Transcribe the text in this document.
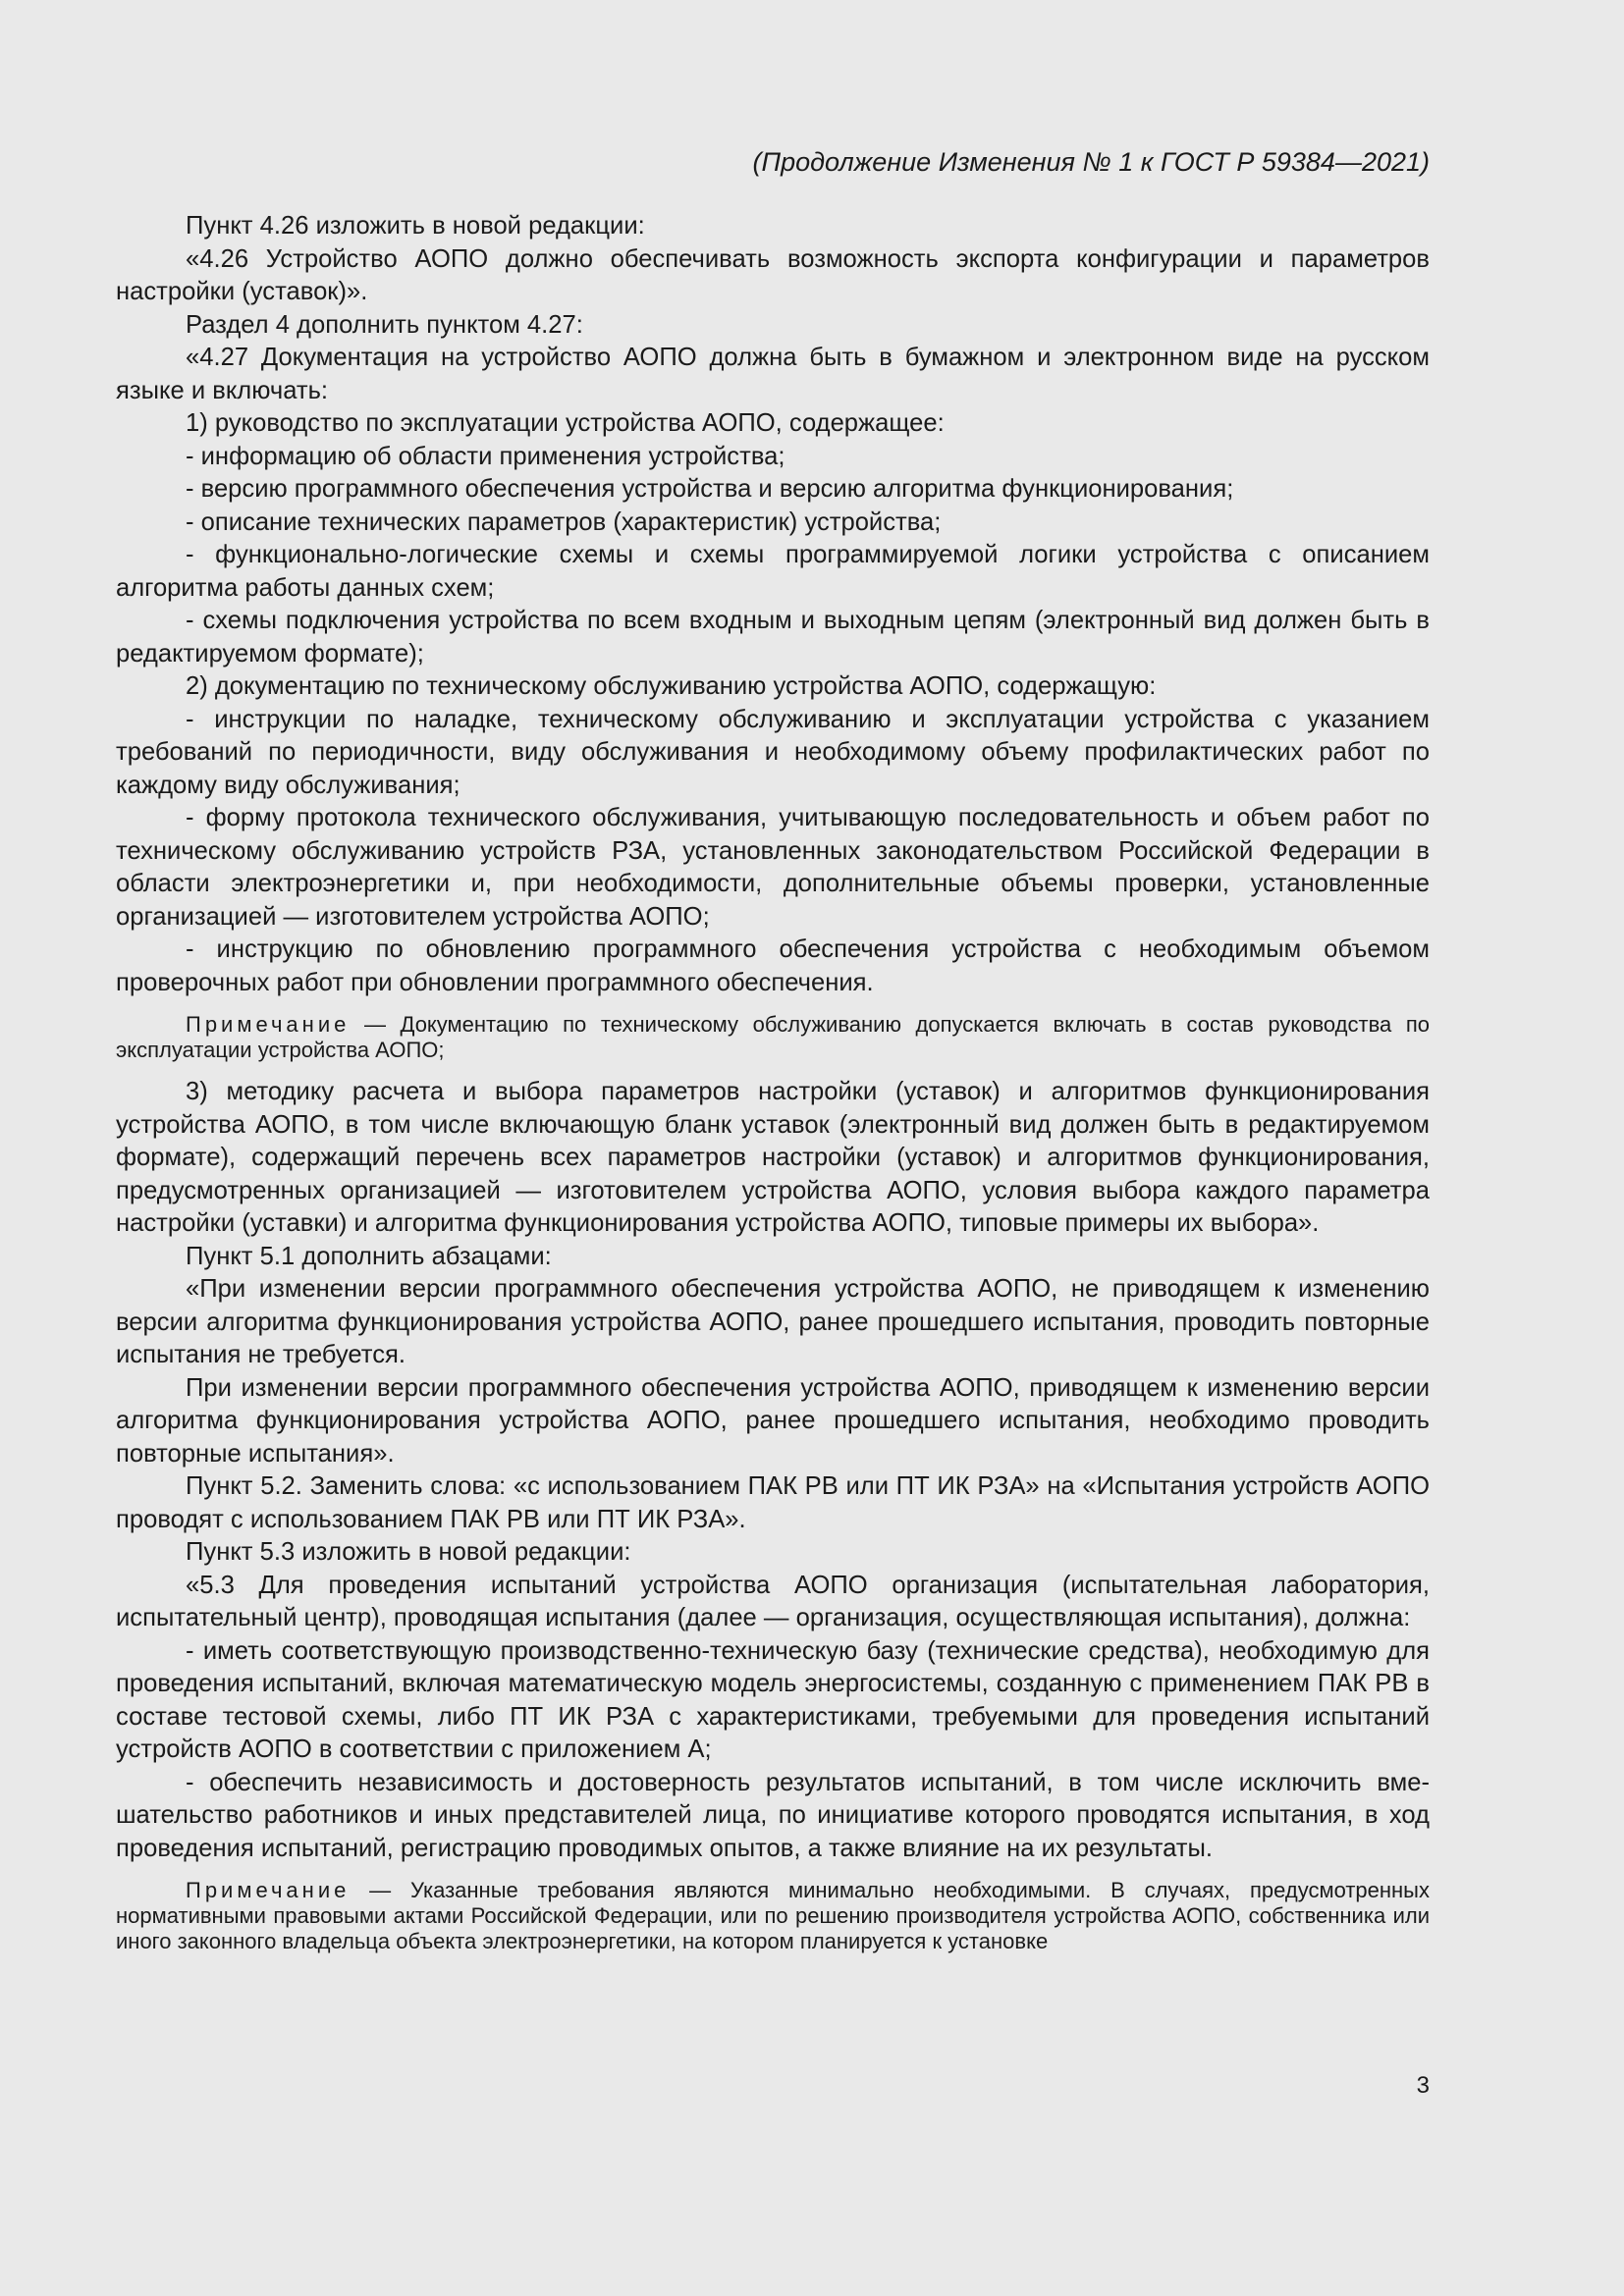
(Продолжение Изменения № 1 к ГОСТ Р 59384—2021)

Пункт 4.26 изложить в новой редакции:

«4.26 Устройство АОПО должно обеспечивать возможность экспорта конфигурации и параметров настройки (уставок)».

Раздел 4 дополнить пунктом 4.27:

«4.27 Документация на устройство АОПО должна быть в бумажном и электронном виде на русском языке и включать:

1) руководство по эксплуатации устройства АОПО, содержащее:

- информацию об области применения устройства;

- версию программного обеспечения устройства и версию алгоритма функционирования;

- описание технических параметров (характеристик) устройства;

- функционально-логические схемы и схемы программируемой логики устройства с описанием алгоритма работы данных схем;

- схемы подключения устройства по всем входным и выходным цепям (электронный вид должен быть в редактируемом формате);

2) документацию по техническому обслуживанию устройства АОПО, содержащую:

- инструкции по наладке, техническому обслуживанию и эксплуатации устройства с указанием требований по периодичности, виду обслуживания и необходимому объему профилактических работ по каждому виду обслуживания;

- форму протокола технического обслуживания, учитывающую последовательность и объем работ по техническому обслуживанию устройств РЗА, установленных законодательством Российской Федерации в области электроэнергетики и, при необходимости, дополнительные объемы проверки, установленные организацией — изготовителем устройства АОПО;

- инструкцию по обновлению программного обеспечения устройства с необходимым объемом проверочных работ при обновлении программного обеспечения.

Примечание — Документацию по техническому обслуживанию допускается включать в состав руководства по эксплуатации устройства АОПО;

3) методику расчета и выбора параметров настройки (уставок) и алгоритмов функционирования устройства АОПО, в том числе включающую бланк уставок (электронный вид должен быть в редактируемом формате), содержащий перечень всех параметров настройки (уставок) и алгоритмов функционирования, предусмотренных организацией — изготовителем устройства АОПО, условия выбора каждого параметра настройки (уставки) и алгоритма функционирования устройства АОПО, типовые примеры их выбора».

Пункт 5.1 дополнить абзацами:

«При изменении версии программного обеспечения устройства АОПО, не приводящем к изменению версии алгоритма функционирования устройства АОПО, ранее прошедшего испытания, проводить повторные испытания не требуется.

При изменении версии программного обеспечения устройства АОПО, приводящем к изменению версии алгоритма функционирования устройства АОПО, ранее прошедшего испытания, необходимо проводить повторные испытания».

Пункт 5.2. Заменить слова: «с использованием ПАК РВ или ПТ ИК РЗА» на «Испытания устройств АОПО проводят с использованием ПАК РВ или ПТ ИК РЗА».

Пункт 5.3 изложить в новой редакции:

«5.3 Для проведения испытаний устройства АОПО организация (испытательная лаборатория, испытательный центр), проводящая испытания (далее — организация, осуществляющая испытания), должна:

- иметь соответствующую производственно-техническую базу (технические средства), необходимую для проведения испытаний, включая математическую модель энергосистемы, созданную с применением ПАК РВ в составе тестовой схемы, либо ПТ ИК РЗА с характеристиками, требуемыми для проведения испытаний устройств АОПО в соответствии с приложением А;

- обеспечить независимость и достоверность результатов испытаний, в том числе исключить вмешательство работников и иных представителей лица, по инициативе которого проводятся испытания, в ход проведения испытаний, регистрацию проводимых опытов, а также влияние на их результаты.

Примечание — Указанные требования являются минимально необходимыми. В случаях, предусмотренных нормативными правовыми актами Российской Федерации, или по решению производителя устройства АОПО, собственника или иного законного владельца объекта электроэнергетики, на котором планируется к установке

3
